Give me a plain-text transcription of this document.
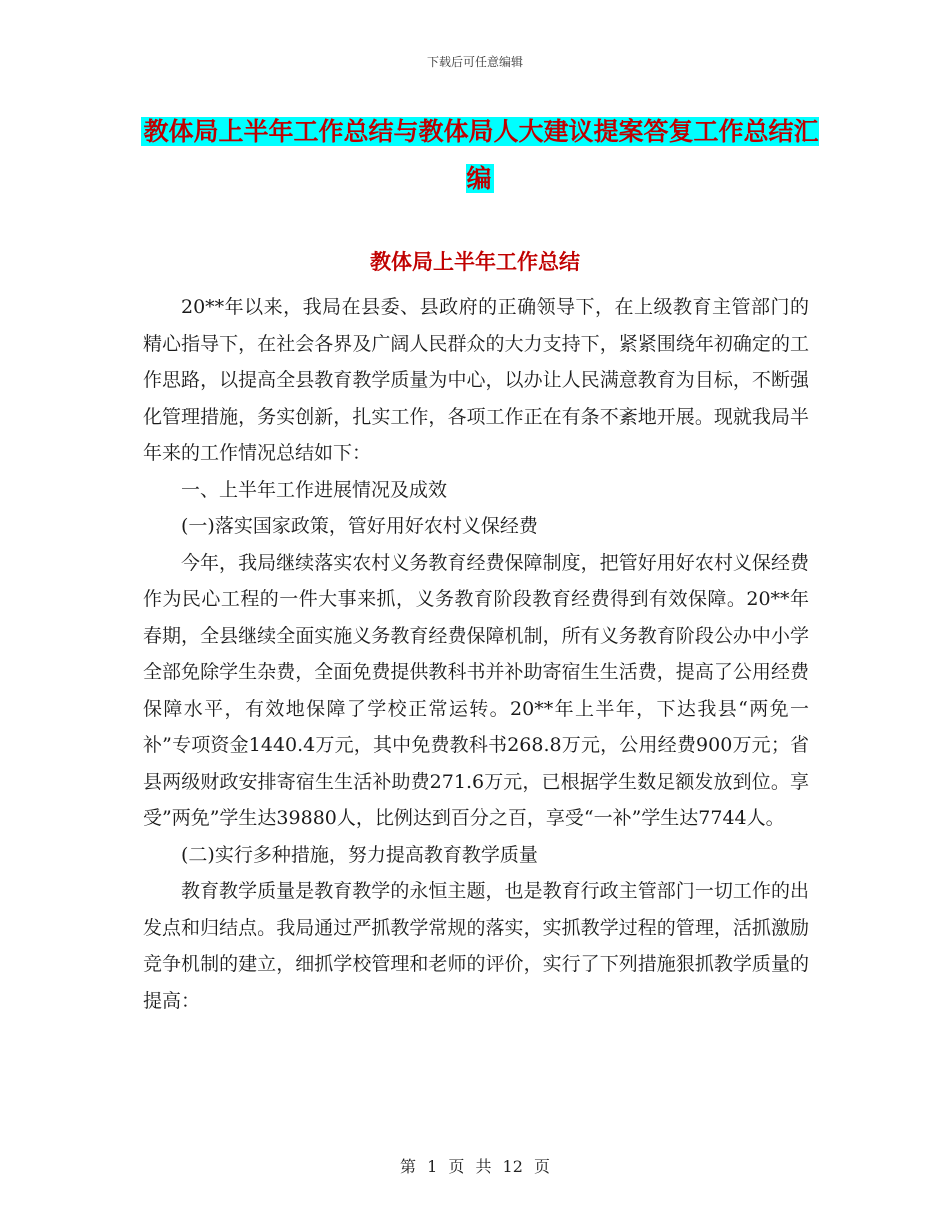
下载后可任意编辑
教体局上半年工作总结与教体局人大建议提案答复工作总结汇编
教体局上半年工作总结

20**年以来，我局在县委、县政府的正确领导下，在上级教育主管部门的精心指导下，在社会各界及广阔人民群众的大力支持下，紧紧围绕年初确定的工作思路，以提高全县教育教学质量为中心，以办让人民满意教育为目标，不断强化管理措施，务实创新，扎实工作，各项工作正在有条不紊地开展。现就我局半年来的工作情况总结如下：

一、上半年工作进展情况及成效

(一)落实国家政策，管好用好农村义保经费

今年，我局继续落实农村义务教育经费保障制度，把管好用好农村义保经费作为民心工程的一件大事来抓，义务教育阶段教育经费得到有效保障。20**年春期，全县继续全面实施义务教育经费保障机制，所有义务教育阶段公办中小学全部免除学生杂费，全面免费提供教科书并补助寄宿生生活费，提高了公用经费保障水平，有效地保障了学校正常运转。20**年上半年，下达我县“两免一补”专项资金1440.4万元，其中免费教科书268.8万元，公用经费900万元；省县两级财政安排寄宿生生活补助费271.6万元，已根据学生数足额发放到位。享受”两免”学生达39880人，比例达到百分之百，享受“一补”学生达7744人。

(二)实行多种措施，努力提高教育教学质量

教育教学质量是教育教学的永恒主题，也是教育行政主管部门一切工作的出发点和归结点。我局通过严抓教学常规的落实，实抓教学过程的管理，活抓激励竞争机制的建立，细抓学校管理和老师的评价，实行了下列措施狠抓教学质量的提高：

第 1 页 共 12 页
